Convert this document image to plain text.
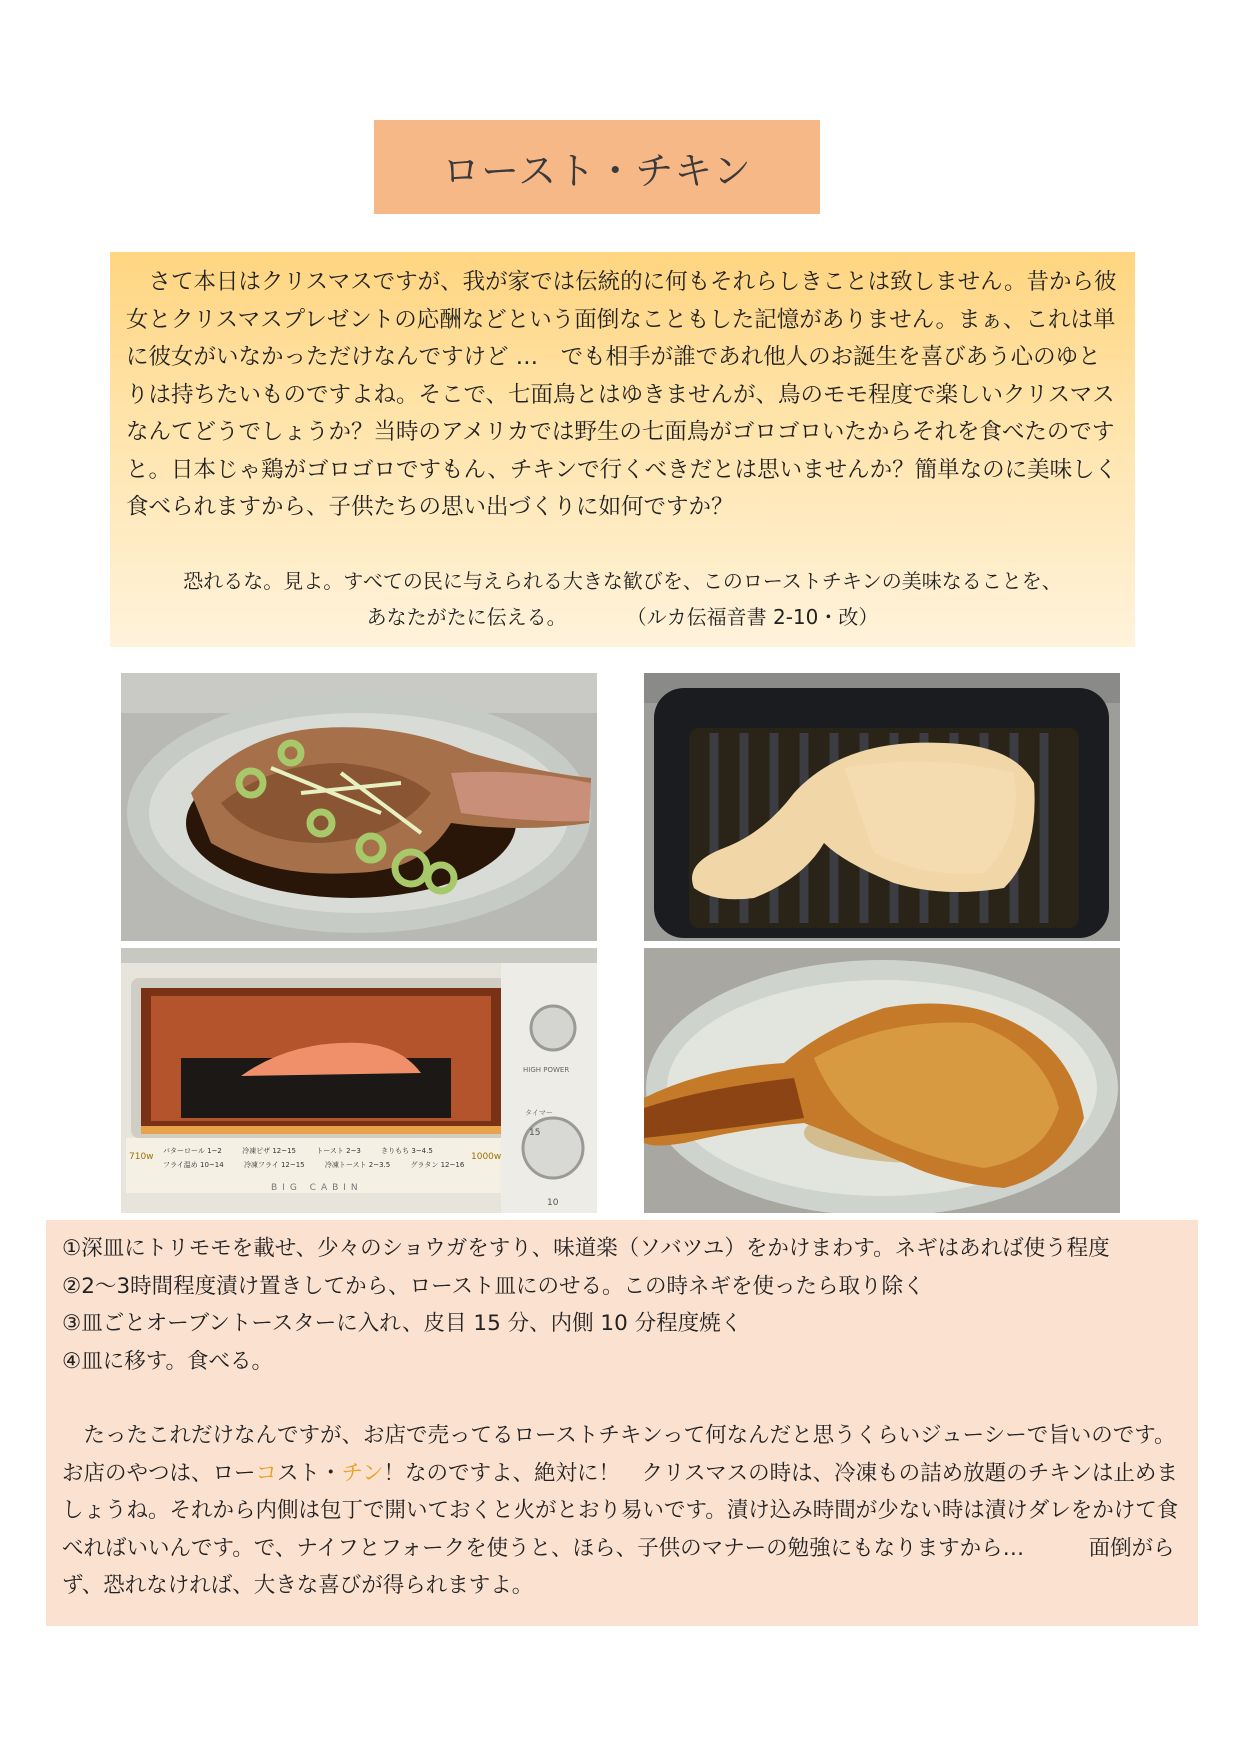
ロースト・チキン

さて本日はクリスマスですが、我が家では伝統的に何もそれらしきことは致しません。昔から彼女とクリスマスプレゼントの応酬などという面倒なこともした記憶がありません。まぁ、これは単に彼女がいなかっただけなんですけど …　でも相手が誰であれ他人のお誕生を喜びあう心のゆとりは持ちたいものですよね。そこで、七面鳥とはゆきませんが、鳥のモモ程度で楽しいクリスマスなんてどうでしょうか？当時のアメリカでは野生の七面鳥がゴロゴロいたからそれを食べたのですと。日本じゃ鶏がゴロゴロですもん、チキンで行くべきだとは思いませんか？簡単なのに美味しく食べられますから、子供たちの思い出づくりに如何ですか？

恐れるな。見よ。すべての民に与えられる大きな歓びを、このローストチキンの美味なることを、
あなたがたに伝える。	（ルカ伝福音書 2-10・改）
710w	1000w
バターロール 1~2	冷凍ピザ 12~15	トースト 2~3	きりもち 3~4.5
フライ温め 10~14	冷凍フライ 12~15	冷凍トースト 2~3.5	グラタン 12~16
BIG CABIN
HIGH POWER
タイマー
15
10

①深皿にトリモモを載せ、少々のショウガをすり、味道楽（ソバツユ）をかけまわす。ネギはあれば使う程度

②2～3時間程度漬け置きしてから、ロースト皿にのせる。この時ネギを使ったら取り除く

③皿ごとオーブントースターに入れ、皮目 15 分、内側 10 分程度焼く

④皿に移す。食べる。

たったこれだけなんですが、お店で売ってるローストチキンって何なんだと思うくらいジューシーで旨いのです。お店のやつは、ローコスト・チン！なのですよ、絶対に！　クリスマスの時は、冷凍もの詰め放題のチキンは止めましょうね。それから内側は包丁で開いておくと火がとおり易いです。漬け込み時間が少ない時は漬けダレをかけて食べればいいんです。で、ナイフとフォークを使うと、ほら、子供のマナーの勉強にもなりますから…　　　面倒がらず、恐れなければ、大きな喜びが得られますよ。
